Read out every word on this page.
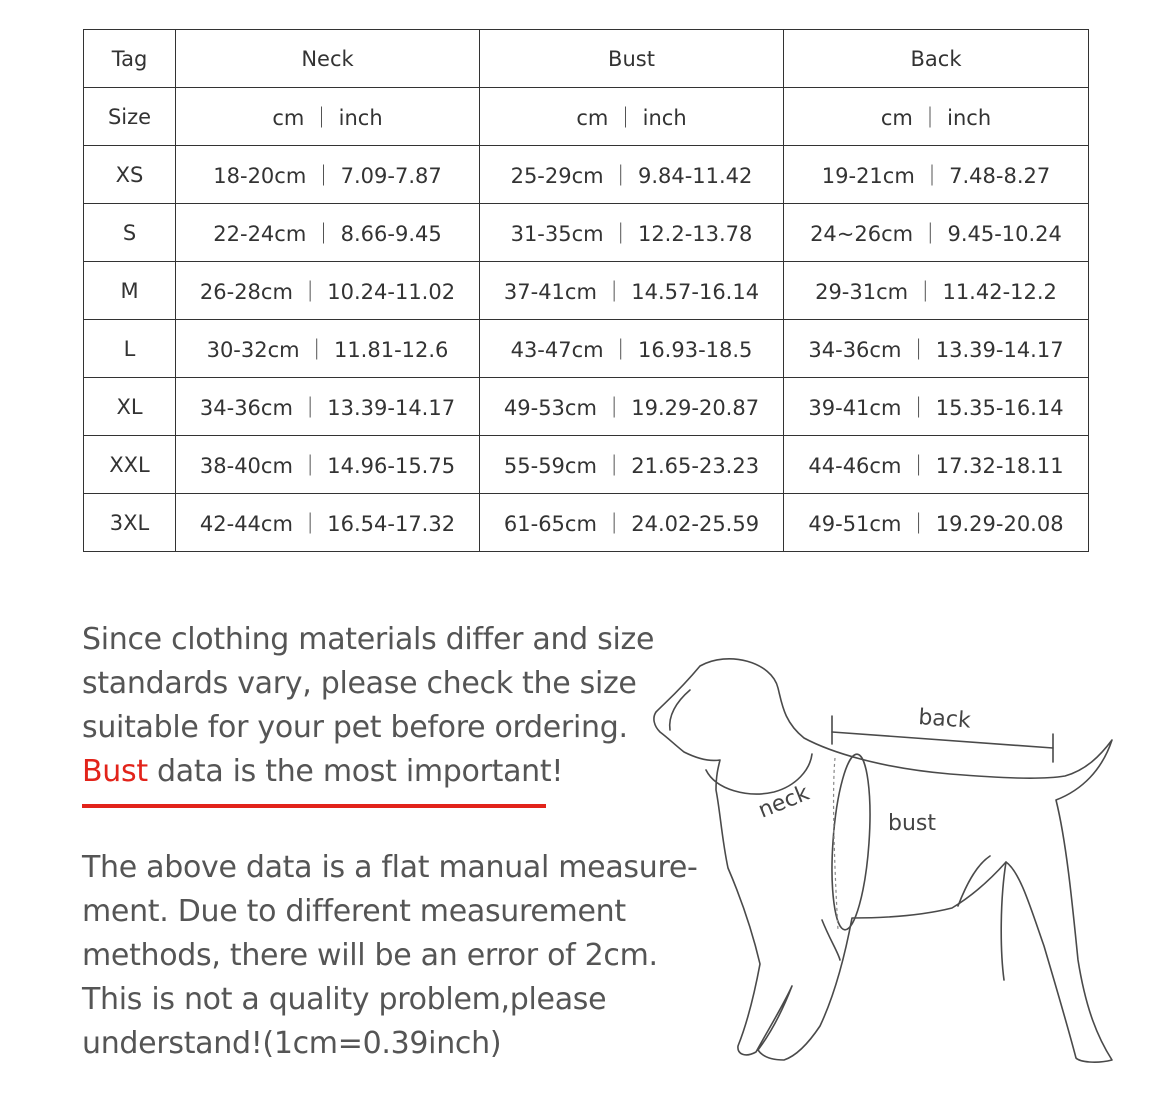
Tag	Neck	Bust	Back
Size	cm ｜ inch	cm ｜ inch	cm ｜ inch
XS	18-20cm ｜ 7.09-7.87	25-29cm ｜ 9.84-11.42	19-21cm ｜ 7.48-8.27
S	22-24cm ｜ 8.66-9.45	31-35cm ｜ 12.2-13.78	24~26cm ｜ 9.45-10.24
M	26-28cm ｜ 10.24-11.02	37-41cm ｜ 14.57-16.14	29-31cm ｜ 11.42-12.2
L	30-32cm ｜ 11.81-12.6	43-47cm ｜ 16.93-18.5	34-36cm ｜ 13.39-14.17
XL	34-36cm ｜ 13.39-14.17	49-53cm ｜ 19.29-20.87	39-41cm ｜ 15.35-16.14
XXL	38-40cm ｜ 14.96-15.75	55-59cm ｜ 21.65-23.23	44-46cm ｜ 17.32-18.11
3XL	42-44cm ｜ 16.54-17.32	61-65cm ｜ 24.02-25.59	49-51cm ｜ 19.29-20.08
Since clothing materials differ and size
standards vary, please check the size
suitable for your pet before ordering.
Bust data is the most important!
The above data is a flat manual measure-
ment. Due to different measurement
methods, there will be an error of 2cm.
This is not a quality problem,please
understand!(1cm=0.39inch)
back
neck	bust
